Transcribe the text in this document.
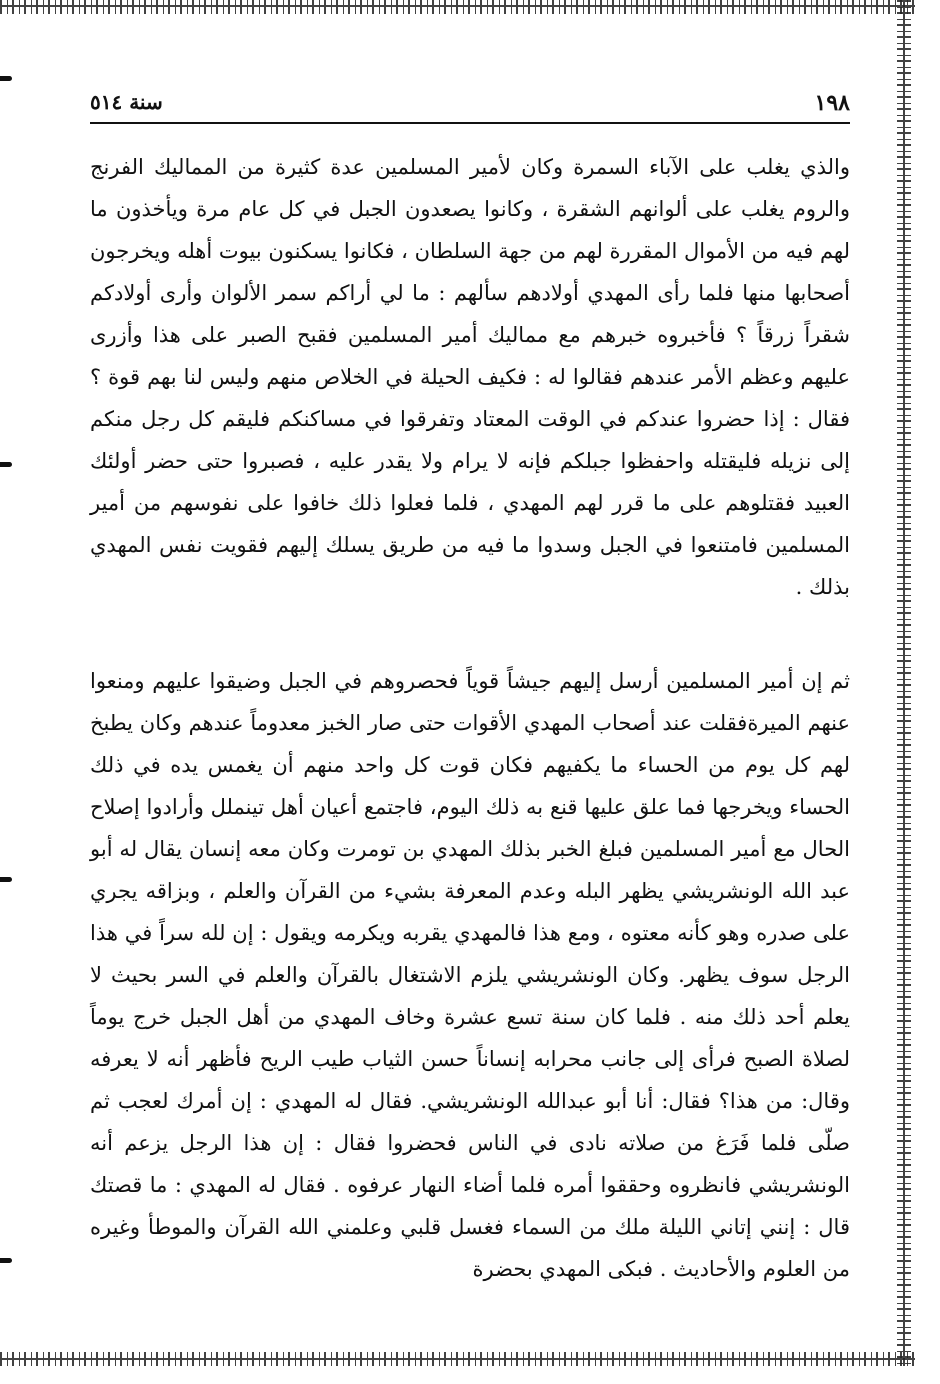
١٩٨
سنة ٥١٤

والذي يغلب على الآباء السمرة وكان لأمير المسلمين عدة كثيرة من المماليك الفرنج والروم يغلب على ألوانهم الشقرة ، وكانوا يصعدون الجبل في كل عام مرة ويأخذون ما لهم فيه من الأموال المقررة لهم من جهة السلطان ، فكانوا يسكنون بيوت أهله ويخرجون أصحابها منها فلما رأى المهدي أولادهم سألهم : ما لي أراكم سمر الألوان وأرى أولادكم شقراً زرقاً ؟ فأخبروه خبرهم مع مماليك أمير المسلمين فقبح الصبر على هذا وأزرى عليهم وعظم الأمر عندهم فقالوا له : فكيف الحيلة في الخلاص منهم وليس لنا بهم قوة ؟ فقال : إذا حضروا عندكم في الوقت المعتاد وتفرقوا في مساكنكم فليقم كل رجل منكم إلى نزيله فليقتله واحفظوا جبلكم فإنه لا يرام ولا يقدر عليه ، فصبروا حتى حضر أولئك العبيد فقتلوهم على ما قرر لهم المهدي ، فلما فعلوا ذلك خافوا على نفوسهم من أمير المسلمين فامتنعوا في الجبل وسدوا ما فيه من طريق يسلك إليهم فقويت نفس المهدي بذلك .

ثم إن أمير المسلمين أرسل إليهم جيشاً قوياً فحصروهم في الجبل وضيقوا عليهم ومنعوا عنهم الميرةفقلت عند أصحاب المهدي الأقوات حتى صار الخبز معدوماً عندهم وكان يطبخ لهم كل يوم من الحساء ما يكفيهم فكان قوت كل واحد منهم أن يغمس يده في ذلك الحساء ويخرجها فما علق عليها قنع به ذلك اليوم، فاجتمع أعيان أهل تينملل وأرادوا إصلاح الحال مع أمير المسلمين فبلغ الخبر بذلك المهدي بن تومرت وكان معه إنسان يقال له أبو عبد الله الونشريشي يظهر البله وعدم المعرفة بشيء من القرآن والعلم ، وبزاقه يجري على صدره وهو كأنه معتوه ، ومع هذا فالمهدي يقربه ويكرمه ويقول : إن لله سراً في هذا الرجل سوف يظهر. وكان الونشريشي يلزم الاشتغال بالقرآن والعلم في السر بحيث لا يعلم أحد ذلك منه . فلما كان سنة تسع عشرة وخاف المهدي من أهل الجبل خرج يوماً لصلاة الصبح فرأى إلى جانب محرابه إنساناً حسن الثياب طيب الريح فأظهر أنه لا يعرفه وقال: من هذا؟ فقال: أنا أبو عبدالله الونشريشي. فقال له المهدي : إن أمرك لعجب ثم صلّى فلما فَرَغ من صلاته نادى في الناس فحضروا فقال : إن هذا الرجل يزعم أنه الونشريشي فانظروه وحققوا أمره فلما أضاء النهار عرفوه . فقال له المهدي : ما قصتك قال : إنني إتاني الليلة ملك من السماء فغسل قلبي وعلمني الله القرآن والموطأ وغيره من العلوم والأحاديث . فبكى المهدي بحضرة
